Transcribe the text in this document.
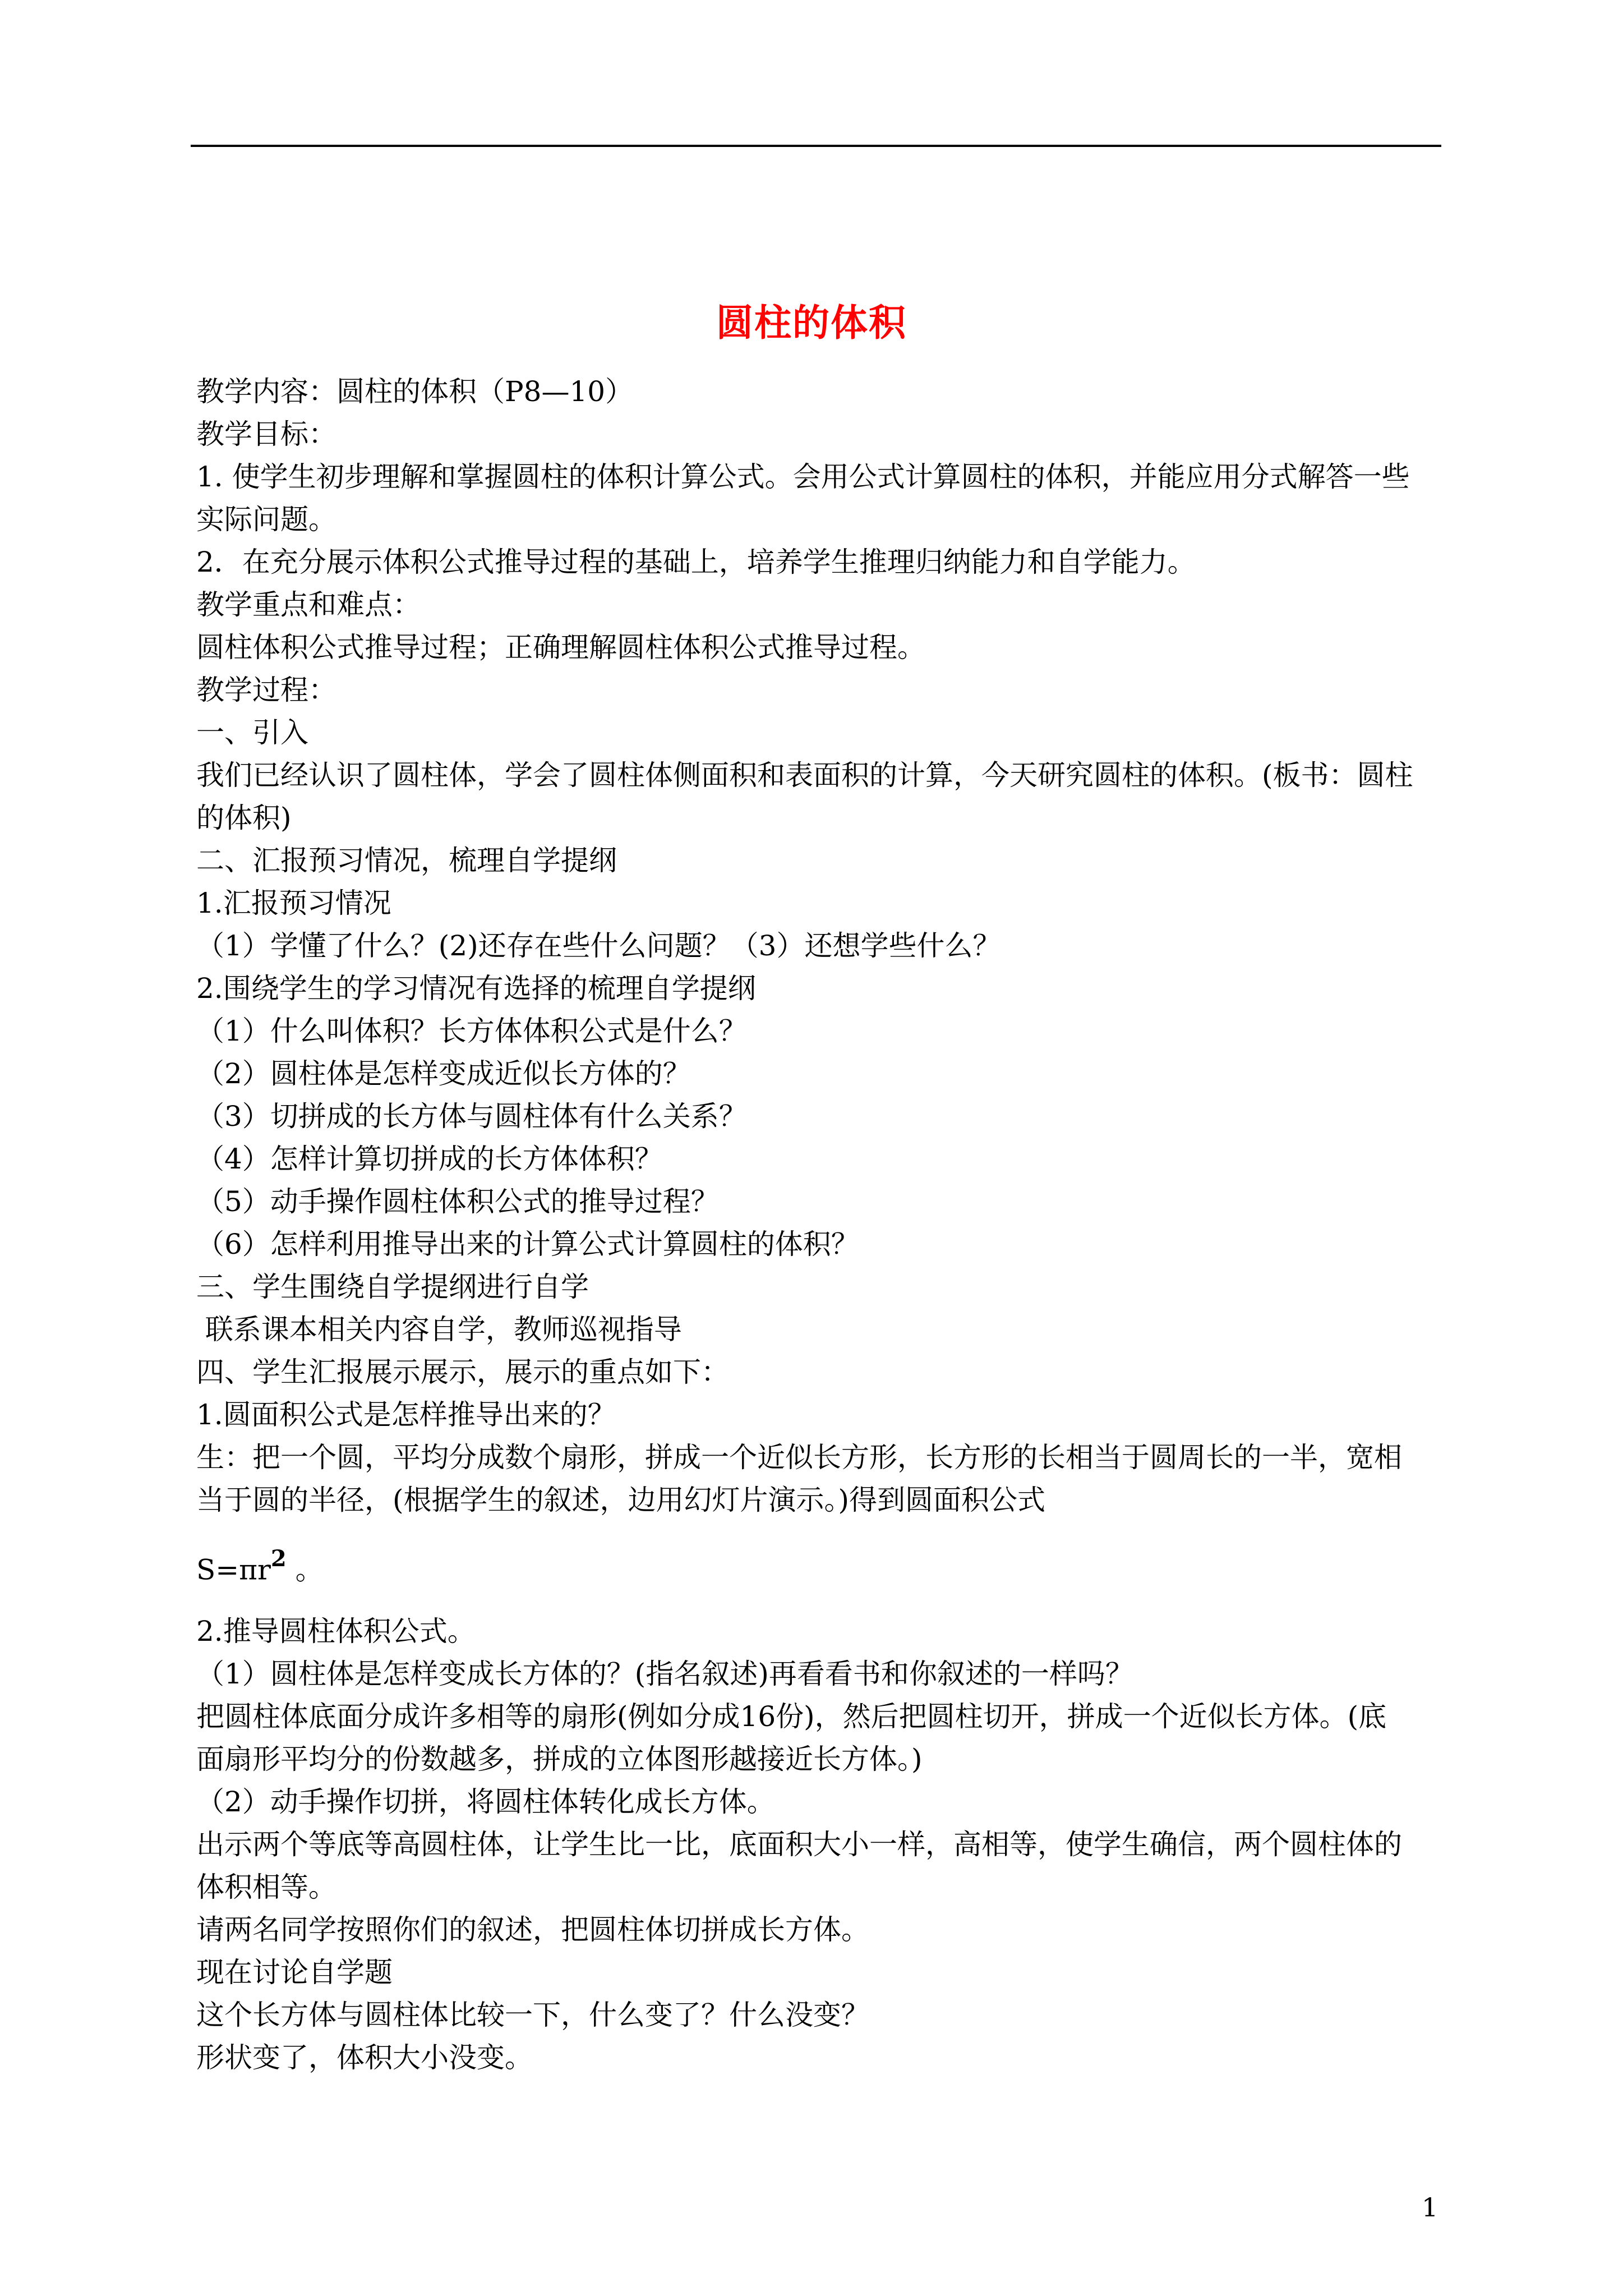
圆柱的体积

教学内容：圆柱的体积（P8—10）

教学目标：

1. 使学生初步理解和掌握圆柱的体积计算公式。会用公式计算圆柱的体积，并能应用分式解答一些

实际问题。

2．在充分展示体积公式推导过程的基础上，培养学生推理归纳能力和自学能力。

教学重点和难点：

圆柱体积公式推导过程；正确理解圆柱体积公式推导过程。

教学过程：

一、引入

我们已经认识了圆柱体，学会了圆柱体侧面积和表面积的计算，今天研究圆柱的体积。(板书：圆柱

的体积)

二、汇报预习情况，梳理自学提纲

1.汇报预习情况

（1）学懂了什么？(2)还存在些什么问题？（3）还想学些什么？

2.围绕学生的学习情况有选择的梳理自学提纲

（1）什么叫体积？长方体体积公式是什么？

（2）圆柱体是怎样变成近似长方体的？

（3）切拼成的长方体与圆柱体有什么关系？

（4）怎样计算切拼成的长方体体积？

（5）动手操作圆柱体积公式的推导过程？

（6）怎样利用推导出来的计算公式计算圆柱的体积？

三、学生围绕自学提纲进行自学

联系课本相关内容自学，教师巡视指导

四、学生汇报展示展示，展示的重点如下：

1.圆面积公式是怎样推导出来的？

生：把一个圆，平均分成数个扇形，拼成一个近似长方形，长方形的长相当于圆周长的一半，宽相

当于圆的半径，(根据学生的叙述，边用幻灯片演示。)得到圆面积公式

$S=\pi r^2$ 。

2.推导圆柱体积公式。

（1）圆柱体是怎样变成长方体的？(指名叙述)再看看书和你叙述的一样吗？

把圆柱体底面分成许多相等的扇形(例如分成16份)，然后把圆柱切开，拼成一个近似长方体。(底

面扇形平均分的份数越多，拼成的立体图形越接近长方体。)

（2）动手操作切拼，将圆柱体转化成长方体。

出示两个等底等高圆柱体，让学生比一比，底面积大小一样，高相等，使学生确信，两个圆柱体的

体积相等。

请两名同学按照你们的叙述，把圆柱体切拼成长方体。

现在讨论自学题

这个长方体与圆柱体比较一下，什么变了？什么没变？

形状变了，体积大小没变。

1
